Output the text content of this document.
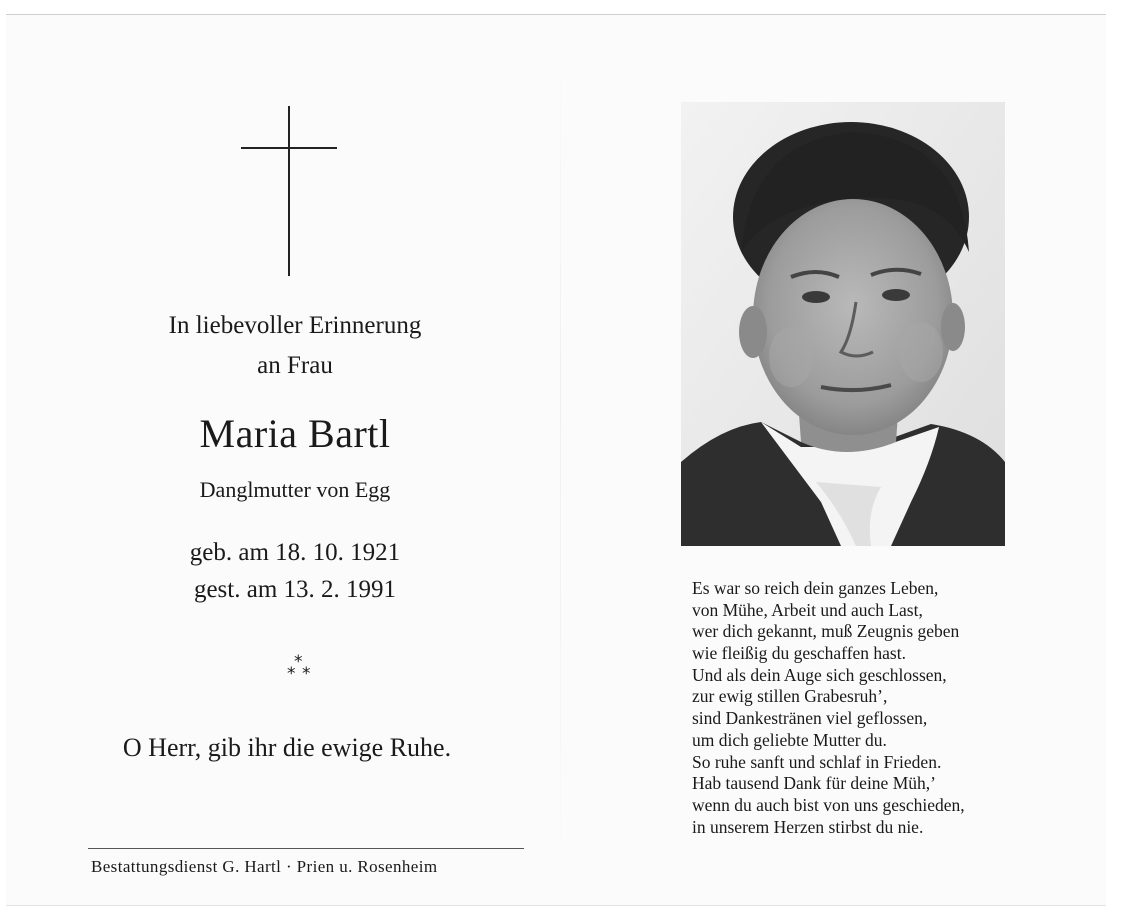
In liebevoller Erinnerung
an Frau
Maria Bartl
Danglmutter von Egg
geb. am 18. 10. 1921
gest. am 13. 2. 1991
*
* *
O Herr, gib ihr die ewige Ruhe.
Bestattungsdienst G. Hartl · Prien u. Rosenheim
Es war so reich dein ganzes Leben,
von Mühe, Arbeit und auch Last,
wer dich gekannt, muß Zeugnis geben
wie fleißig du geschaffen hast.
Und als dein Auge sich geschlossen,
zur ewig stillen Grabesruh’,
sind Dankestränen viel geflossen,
um dich geliebte Mutter du.
So ruhe sanft und schlaf in Frieden.
Hab tausend Dank für deine Müh,’
wenn du auch bist von uns geschieden,
in unserem Herzen stirbst du nie.
